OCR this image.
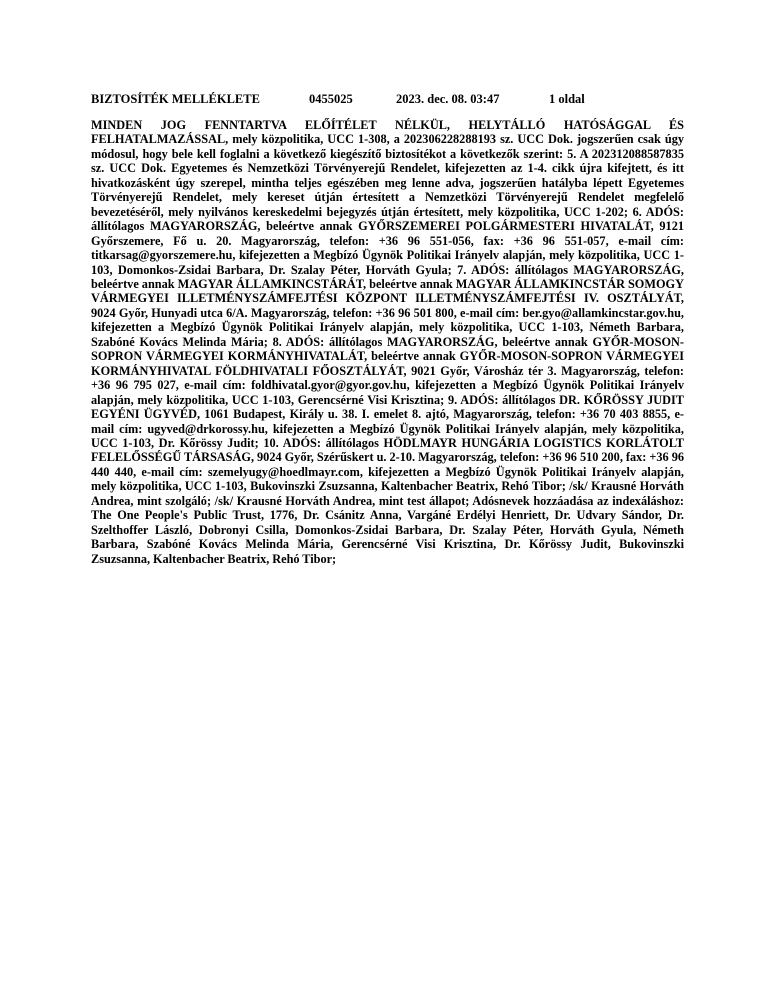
BIZTOSÍTÉK MELLÉKLETE	0455025	2023. dec. 08. 03:47	1 oldal

MINDEN JOG FENNTARTVA ELŐÍTÉLET NÉLKÜL, HELYTÁLLÓ HATÓSÁGGAL ÉS FELHATALMAZÁSSAL, mely közpolitika, UCC 1-308, a 202306228288193 sz. UCC Dok. jogszerűen csak úgy módosul, hogy bele kell foglalni a következő kiegészítő biztosítékot a következők szerint: 5. A 202312088587835 sz. UCC Dok. Egyetemes és Nemzetközi Törvényerejű Rendelet, kifejezetten az 1-4. cikk újra kifejtett, és itt hivatkozásként úgy szerepel, mintha teljes egészében meg lenne adva, jogszerűen hatályba lépett Egyetemes Törvényerejű Rendelet, mely kereset útján értesített a Nemzetközi Törvényerejű Rendelet megfelelő bevezetéséről, mely nyilvános kereskedelmi bejegyzés útján értesített, mely közpolitika, UCC 1-202; 6. ADÓS: állítólagos MAGYARORSZÁG, beleértve annak GYŐRSZEMEREI POLGÁRMESTERI HIVATALÁT, 9121 Győrszemere, Fő u. 20. Magyarország, telefon: +36 96 551-056, fax: +36 96 551-057, e-mail cím: titkarsag@gyorszemere.hu, kifejezetten a Megbízó Ügynök Politikai Irányelv alapján, mely közpolitika, UCC 1-103, Domonkos-Zsidai Barbara, Dr. Szalay Péter, Horváth Gyula; 7. ADÓS: állítólagos MAGYARORSZÁG, beleértve annak MAGYAR ÁLLAMKINCSTÁRÁT, beleértve annak MAGYAR ÁLLAMKINCSTÁR SOMOGY VÁRMEGYEI ILLETMÉNYSZÁMFEJTÉSI KÖZPONT ILLETMÉNYSZÁMFEJTÉSI IV. OSZTÁLYÁT, 9024 Győr, Hunyadi utca 6/A. Magyarország, telefon: +36 96 501 800, e-mail cím: ber.gyo@allamkincstar.gov.hu, kifejezetten a Megbízó Ügynök Politikai Irányelv alapján, mely közpolitika, UCC 1-103, Németh Barbara, Szabóné Kovács Melinda Mária; 8. ADÓS: állítólagos MAGYARORSZÁG, beleértve annak GYŐR-MOSON-SOPRON VÁRMEGYEI KORMÁNYHIVATALÁT, beleértve annak GYŐR-MOSON-SOPRON VÁRMEGYEI KORMÁNYHIVATAL FÖLDHIVATALI FŐOSZTÁLYÁT, 9021 Győr, Városház tér 3. Magyarország, telefon: +36 96 795 027, e-mail cím: foldhivatal.gyor@gyor.gov.hu, kifejezetten a Megbízó Ügynök Politikai Irányelv alapján, mely közpolitika, UCC 1-103, Gerencsérné Visi Krisztina; 9. ADÓS: állítólagos DR. KŐRÖSSY JUDIT EGYÉNI ÜGYVÉD, 1061 Budapest, Király u. 38. I. emelet 8. ajtó, Magyarország, telefon: +36 70 403 8855, e-mail cím: ugyved@drkorossy.hu, kifejezetten a Megbízó Ügynök Politikai Irányelv alapján, mely közpolitika, UCC 1-103, Dr. Kőrössy Judit; 10. ADÓS: állítólagos HÖDLMAYR HUNGÁRIA LOGISTICS KORLÁTOLT FELELŐSSÉGŰ TÁRSASÁG, 9024 Győr, Szérűskert u. 2-10. Magyarország, telefon: +36 96 510 200, fax: +36 96 440 440, e-mail cím: szemelyugy@hoedlmayr.com, kifejezetten a Megbízó Ügynök Politikai Irányelv alapján, mely közpolitika, UCC 1-103, Bukovinszki Zsuzsanna, Kaltenbacher Beatrix, Rehó Tibor; /sk/ Krausné Horváth Andrea, mint szolgáló; /sk/ Krausné Horváth Andrea, mint test állapot; Adósnevek hozzáadása az indexáláshoz: The One People's Public Trust, 1776, Dr. Csánitz Anna, Vargáné Erdélyi Henriett, Dr. Udvary Sándor, Dr. Szelthoffer László, Dobronyi Csilla, Domonkos-Zsidai Barbara, Dr. Szalay Péter, Horváth Gyula, Németh Barbara, Szabóné Kovács Melinda Mária, Gerencsérné Visi Krisztina, Dr. Kőrössy Judit, Bukovinszki Zsuzsanna, Kaltenbacher Beatrix, Rehó Tibor;
